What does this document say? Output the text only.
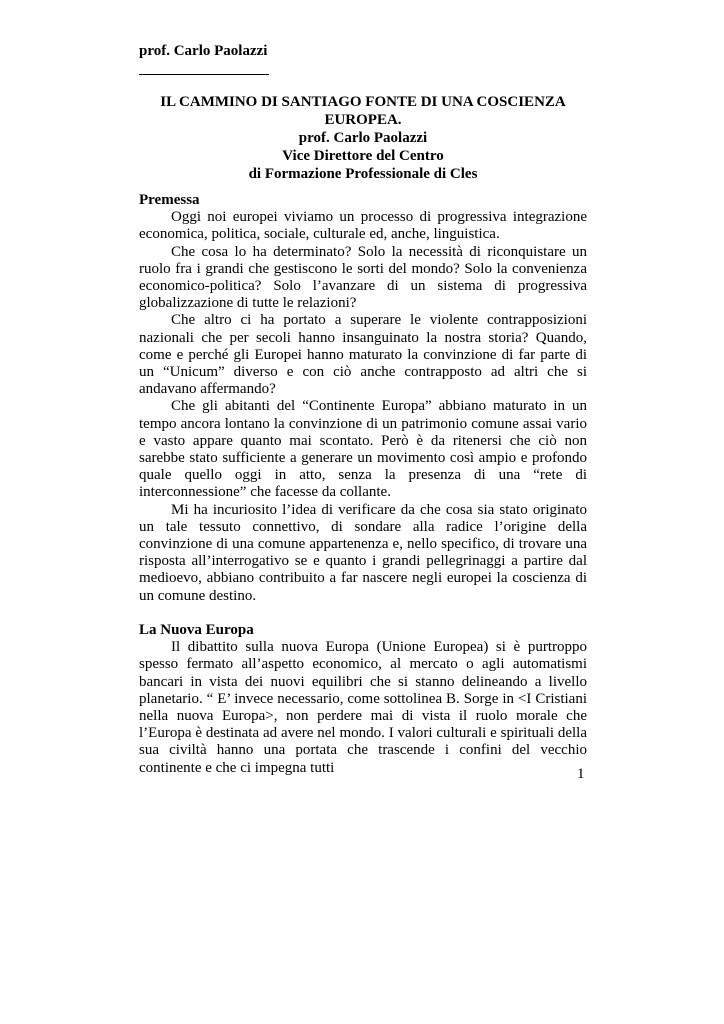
prof. Carlo Paolazzi
IL CAMMINO DI SANTIAGO FONTE DI UNA COSCIENZA
EUROPEA.
prof. Carlo Paolazzi
Vice Direttore del Centro
di Formazione Professionale di Cles

Premessa

Oggi noi europei viviamo un processo di progressiva integrazione economica, politica, sociale, culturale ed, anche, linguistica.

Che cosa lo ha determinato? Solo la necessità di riconquistare un ruolo fra i grandi che gestiscono le sorti del mondo? Solo la convenienza economico-politica? Solo l’avanzare di un sistema di progressiva globalizzazione di tutte le relazioni?

Che altro ci ha portato a superare le violente contrapposizioni nazionali che per secoli hanno insanguinato la nostra storia? Quando, come e perché gli Europei hanno maturato la convinzione di far parte di un “Unicum” diverso e con ciò anche contrapposto ad altri che si andavano affermando?

Che gli abitanti del “Continente Europa” abbiano maturato in un tempo ancora lontano la convinzione di un patrimonio comune assai vario e vasto appare quanto mai scontato. Però è da ritenersi che ciò non sarebbe stato sufficiente a generare un movimento così ampio e profondo quale quello oggi in atto, senza la presenza di una “rete di interconnessione” che facesse da collante.

Mi ha incuriosito l’idea di verificare da che cosa sia stato originato un tale tessuto connettivo, di sondare alla radice l’origine della convinzione di una comune appartenenza e, nello specifico, di trovare una risposta all’interrogativo se e quanto i grandi pellegrinaggi a partire dal medioevo, abbiano contribuito a far nascere negli europei la coscienza di un comune destino.

La Nuova Europa

Il dibattito sulla nuova Europa (Unione Europea) si è purtroppo spesso fermato all’aspetto economico, al mercato o agli automatismi bancari in vista dei nuovi equilibri che si stanno delineando a livello planetario. “ E’ invece necessario, come sottolinea B. Sorge in <I Cristiani nella nuova Europa>, non perdere mai di vista il ruolo morale che l’Europa è destinata ad avere nel mondo. I valori culturali e spirituali della sua civiltà hanno una portata che trascende i confini del vecchio continente e che ci impegna tutti	1
